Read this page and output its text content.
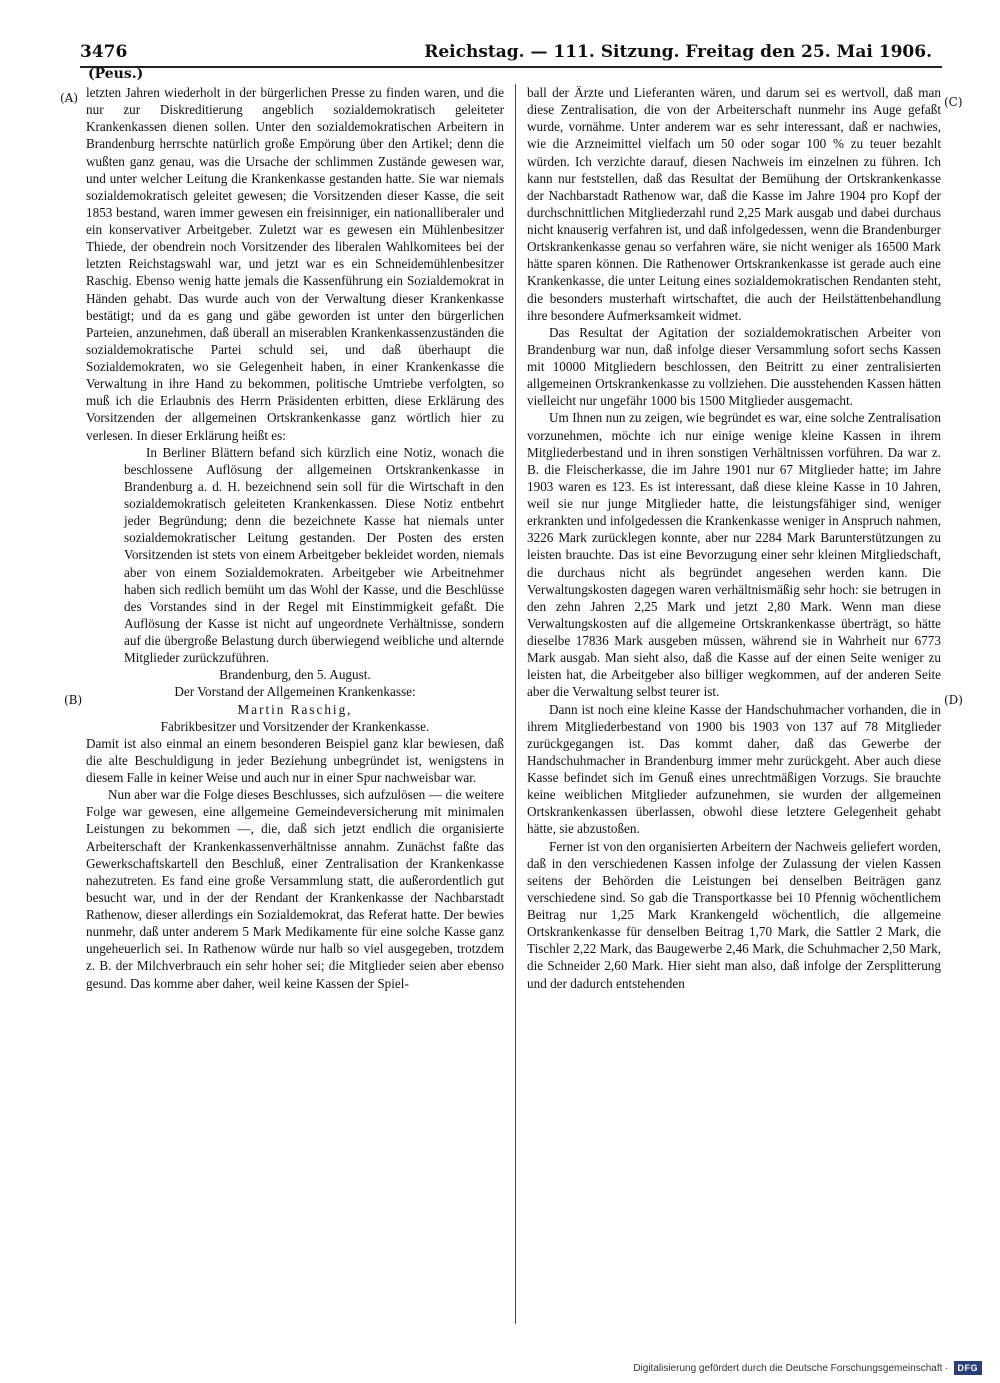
3476	Reichstag. — 111. Sitzung. Freitag den 25. Mai 1906.
(Peus.)
(A)
(B)
(C)
(D)

letzten Jahren wiederholt in der bürgerlichen Presse zu finden waren, und die nur zur Diskreditierung angeblich sozialdemokratisch geleiteter Krankenkassen dienen sollen. Unter den sozialdemokratischen Arbeitern in Brandenburg herrschte natürlich große Empörung über den Artikel; denn die wußten ganz genau, was die Ursache der schlimmen Zustände gewesen war, und unter welcher Leitung die Krankenkasse gestanden hatte. Sie war niemals sozialdemokratisch geleitet gewesen; die Vorsitzenden dieser Kasse, die seit 1853 bestand, waren immer gewesen ein freisinniger, ein nationalliberaler und ein konservativer Arbeitgeber. Zuletzt war es gewesen ein Mühlenbesitzer Thiede, der obendrein noch Vorsitzender des liberalen Wahlkomitees bei der letzten Reichstagswahl war, und jetzt war es ein Schneidemühlenbesitzer Raschig. Ebenso wenig hatte jemals die Kassenführung ein Sozialdemokrat in Händen gehabt. Das wurde auch von der Verwaltung dieser Krankenkasse bestätigt; und da es gang und gäbe geworden ist unter den bürgerlichen Parteien, anzunehmen, daß überall an miserablen Krankenkassenzuständen die sozialdemokratische Partei schuld sei, und daß überhaupt die Sozialdemokraten, wo sie Gelegenheit haben, in einer Krankenkasse die Verwaltung in ihre Hand zu bekommen, politische Umtriebe verfolgten, so muß ich die Erlaubnis des Herrn Präsidenten erbitten, diese Erklärung des Vorsitzenden der allgemeinen Ortskrankenkasse ganz wörtlich hier zu verlesen. In dieser Erklärung heißt es:

In Berliner Blättern befand sich kürzlich eine Notiz, wonach die beschlossene Auflösung der allgemeinen Ortskrankenkasse in Brandenburg a. d. H. bezeichnend sein soll für die Wirtschaft in den sozialdemokratisch geleiteten Krankenkassen. Diese Notiz entbehrt jeder Begründung; denn die bezeichnete Kasse hat niemals unter sozialdemokratischer Leitung gestanden. Der Posten des ersten Vorsitzenden ist stets von einem Arbeitgeber bekleidet worden, niemals aber von einem Sozialdemokraten. Arbeitgeber wie Arbeitnehmer haben sich redlich bemüht um das Wohl der Kasse, und die Beschlüsse des Vorstandes sind in der Regel mit Einstimmigkeit gefaßt. Die Auflösung der Kasse ist nicht auf ungeordnete Verhältnisse, sondern auf die übergroße Belastung durch überwiegend weibliche und alternde Mitglieder zurückzuführen.

Brandenburg, den 5. August.

Der Vorstand der Allgemeinen Krankenkasse:

Martin Raschig,

Fabrikbesitzer und Vorsitzender der Krankenkasse.

Damit ist also einmal an einem besonderen Beispiel ganz klar bewiesen, daß die alte Beschuldigung in jeder Beziehung unbegründet ist, wenigstens in diesem Falle in keiner Weise und auch nur in einer Spur nachweisbar war.

Nun aber war die Folge dieses Beschlusses, sich aufzulösen — die weitere Folge war gewesen, eine allgemeine Gemeindeversicherung mit minimalen Leistungen zu bekommen —, die, daß sich jetzt endlich die organisierte Arbeiterschaft der Krankenkassenverhältnisse annahm. Zunächst faßte das Gewerkschaftskartell den Beschluß, einer Zentralisation der Krankenkasse nahezutreten. Es fand eine große Versammlung statt, die außerordentlich gut besucht war, und in der der Rendant der Krankenkasse der Nachbarstadt Rathenow, dieser allerdings ein Sozialdemokrat, das Referat hatte. Der bewies nunmehr, daß unter anderem 5 Mark Medikamente für eine solche Kasse ganz ungeheuerlich sei. In Rathenow würde nur halb so viel ausgegeben, trotzdem z. B. der Milchverbrauch ein sehr hoher sei; die Mitglieder seien aber ebenso gesund. Das komme aber daher, weil keine Kassen der Spiel-

ball der Ärzte und Lieferanten wären, und darum sei es wertvoll, daß man diese Zentralisation, die von der Arbeiterschaft nunmehr ins Auge gefaßt wurde, vornähme. Unter anderem war es sehr interessant, daß er nachwies, wie die Arzneimittel vielfach um 50 oder sogar 100 % zu teuer bezahlt würden. Ich verzichte darauf, diesen Nachweis im einzelnen zu führen. Ich kann nur feststellen, daß das Resultat der Bemühung der Ortskrankenkasse der Nachbarstadt Rathenow war, daß die Kasse im Jahre 1904 pro Kopf der durchschnittlichen Mitgliederzahl rund 2,25 Mark ausgab und dabei durchaus nicht knauserig verfahren ist, und daß infolgedessen, wenn die Brandenburger Ortskrankenkasse genau so verfahren wäre, sie nicht weniger als 16500 Mark hätte sparen können. Die Rathenower Ortskrankenkasse ist gerade auch eine Krankenkasse, die unter Leitung eines sozialdemokratischen Rendanten steht, die besonders musterhaft wirtschaftet, die auch der Heilstättenbehandlung ihre besondere Aufmerksamkeit widmet.

Das Resultat der Agitation der sozialdemokratischen Arbeiter von Brandenburg war nun, daß infolge dieser Versammlung sofort sechs Kassen mit 10000 Mitgliedern beschlossen, den Beitritt zu einer zentralisierten allgemeinen Ortskrankenkasse zu vollziehen. Die ausstehenden Kassen hätten vielleicht nur ungefähr 1000 bis 1500 Mitglieder ausgemacht.

Um Ihnen nun zu zeigen, wie begründet es war, eine solche Zentralisation vorzunehmen, möchte ich nur einige wenige kleine Kassen in ihrem Mitgliederbestand und in ihren sonstigen Verhältnissen vorführen. Da war z. B. die Fleischerkasse, die im Jahre 1901 nur 67 Mitglieder hatte; im Jahre 1903 waren es 123. Es ist interessant, daß diese kleine Kasse in 10 Jahren, weil sie nur junge Mitglieder hatte, die leistungsfähiger sind, weniger erkrankten und infolgedessen die Krankenkasse weniger in Anspruch nahmen, 3226 Mark zurücklegen konnte, aber nur 2284 Mark Barunterstützungen zu leisten brauchte. Das ist eine Bevorzugung einer sehr kleinen Mitgliedschaft, die durchaus nicht als begründet angesehen werden kann. Die Verwaltungskosten dagegen waren verhältnismäßig sehr hoch: sie betrugen in den zehn Jahren 2,25 Mark und jetzt 2,80 Mark. Wenn man diese Verwaltungskosten auf die allgemeine Ortskrankenkasse überträgt, so hätte dieselbe 17836 Mark ausgeben müssen, während sie in Wahrheit nur 6773 Mark ausgab. Man sieht also, daß die Kasse auf der einen Seite weniger zu leisten hat, die Arbeitgeber also billiger wegkommen, auf der anderen Seite aber die Verwaltung selbst teurer ist.

Dann ist noch eine kleine Kasse der Handschuhmacher vorhanden, die in ihrem Mitgliederbestand von 1900 bis 1903 von 137 auf 78 Mitglieder zurückgegangen ist. Das kommt daher, daß das Gewerbe der Handschuhmacher in Brandenburg immer mehr zurückgeht. Aber auch diese Kasse befindet sich im Genuß eines unrechtmäßigen Vorzugs. Sie brauchte keine weiblichen Mitglieder aufzunehmen, sie wurden der allgemeinen Ortskrankenkassen überlassen, obwohl diese letztere Gelegenheit gehabt hätte, sie abzustoßen.

Ferner ist von den organisierten Arbeitern der Nachweis geliefert worden, daß in den verschiedenen Kassen infolge der Zulassung der vielen Kassen seitens der Behörden die Leistungen bei denselben Beiträgen ganz verschiedene sind. So gab die Transportkasse bei 10 Pfennig wöchentlichem Beitrag nur 1,25 Mark Krankengeld wöchentlich, die allgemeine Ortskrankenkasse für denselben Beitrag 1,70 Mark, die Sattler 2 Mark, die Tischler 2,22 Mark, das Baugewerbe 2,46 Mark, die Schuhmacher 2,50 Mark, die Schneider 2,60 Mark. Hier sieht man also, daß infolge der Zersplitterung und der dadurch entstehenden

Digitalisierung gefördert durch die Deutsche Forschungsgemeinschaft ·	DFG
